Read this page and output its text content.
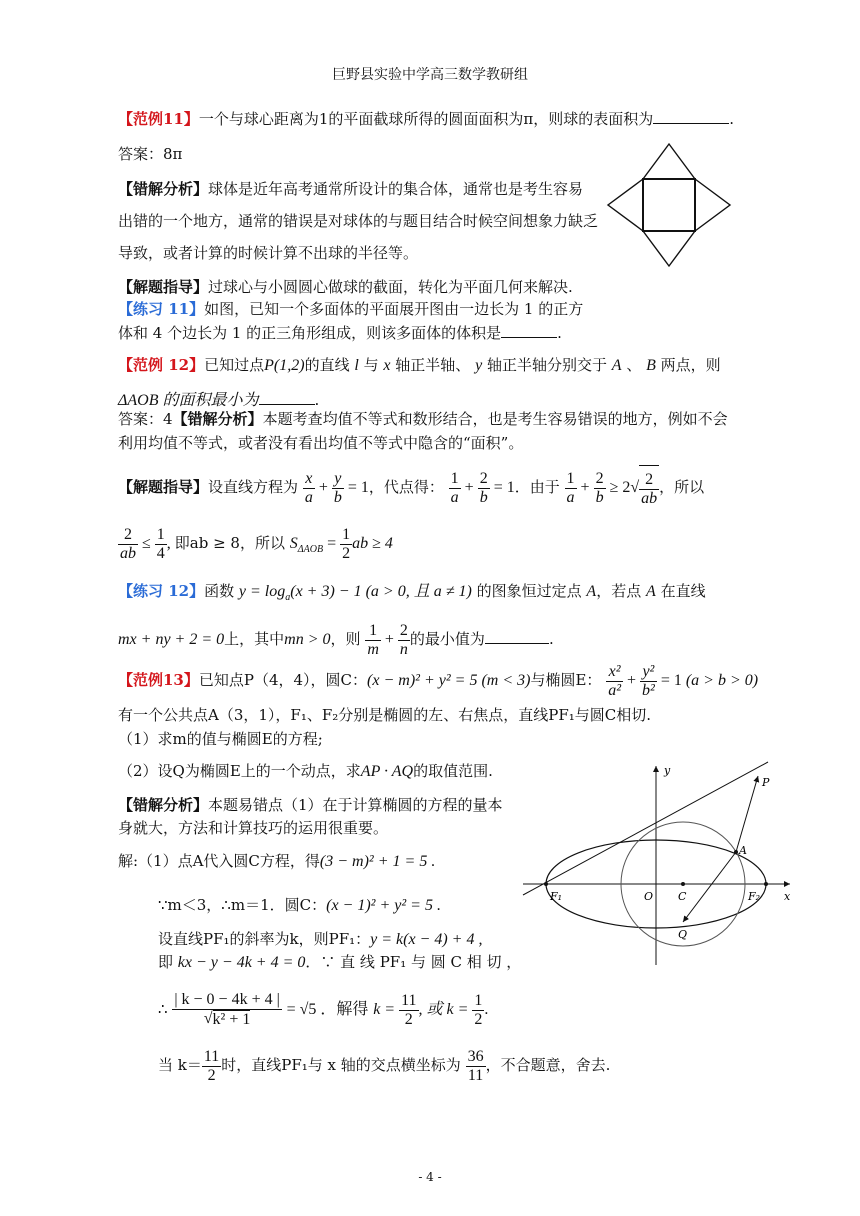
巨野县实验中学高三数学教研组
【范例11】一个与球心距离为1的平面截球所得的圆面面积为π，则球的表面积为	.
答案：8π
【错解分析】球体是近年高考通常所设计的集合体，通常也是考生容易
出错的一个地方，通常的错误是对球体的与题目结合时候空间想象力缺乏
导致，或者计算的时候计算不出球的半径等。
【解题指导】过球心与小圆圆心做球的截面，转化为平面几何来解决.
【练习 11】如图，已知一个多面体的平面展开图由一边长为 1 的正方
体和 4 个边长为 1 的正三角形组成，则该多面体的体积是	.
【范例 12】已知过点P(1,2)的直线 l 与 x 轴正半轴、 y 轴正半轴分别交于 A 、 B 两点，则
ΔAOB 的面积最小为	.
答案：4【错解分析】本题考查均值不等式和数形结合，也是考生容易错误的地方，例如不会
利用均值不等式，或者没有看出均值不等式中隐含的“面积”。
【解题指导】设直线方程为 $\frac{x}{a} + \frac{y}{b} = 1$，代点得： $\frac{1}{a} + \frac{2}{b} = 1$．由于 $\frac{1}{a} + \frac{2}{b} \ge 2√ \frac{2}{ab}$ ，所以
$\frac{2}{ab} \le \frac{1}{4}$ , 即ab ≥ 8，所以 $S_{\Delta AOB} = \frac{1}{2}$ ab ≥ 4
【练习 12】函数 $y = \log_a(x + 3) - 1$ (a > 0, 且 a ≠ 1) 的图象恒过定点 A，若点 A 在直线
mx + ny + 2 = 0上，其中mn > 0，则 $\frac{1}{m} + \frac{2}{n}$ 的最小值为	.
【范例13】已知点P（4，4），圆C：(x − m)² + y² = 5 (m < 3)与椭圆E： $\frac{\text{x²}}{\text{a²}} + \frac{\text{y²}}{\text{b²}} = 1$ (a > b > 0)
有一个公共点A（3，1），F₁、F₂分别是椭圆的左、右焦点，直线PF₁与圆C相切.
（1）求m的值与椭圆E的方程;
（2）设Q为椭圆E上的一个动点，求AP · AQ的取值范围.
【错解分析】本题易错点（1）在于计算椭圆的方程的量本
身就大，方法和计算技巧的运用很重要。
解:（1）点A代入圆C方程，得(3 − m)² + 1 = 5 .
∵m＜3，∴m＝1．圆C：(x − 1)² + y² = 5 .
设直线PF₁的斜率为k，则PF₁：y = k(x − 4) + 4 ,
即 kx − y − 4k + 4 = 0．∵ 直 线 PF₁ 与 圆 C 相 切 ，
∴ $\frac{| k - 0 - 4k + 4 |}{\text{√k² + 1}} = √5$ ．解得 $k = \frac{11}{2}$ , 或 $k = \frac{1}{2}$ .
当 $k= \frac{11}{2}$ 时，直线PF₁与 x 轴的交点横坐标为 $\frac{36}{11}$ ，不合题意，舍去.
y
x
P
A
F₁	O C	F₂
Q
- 4 -
